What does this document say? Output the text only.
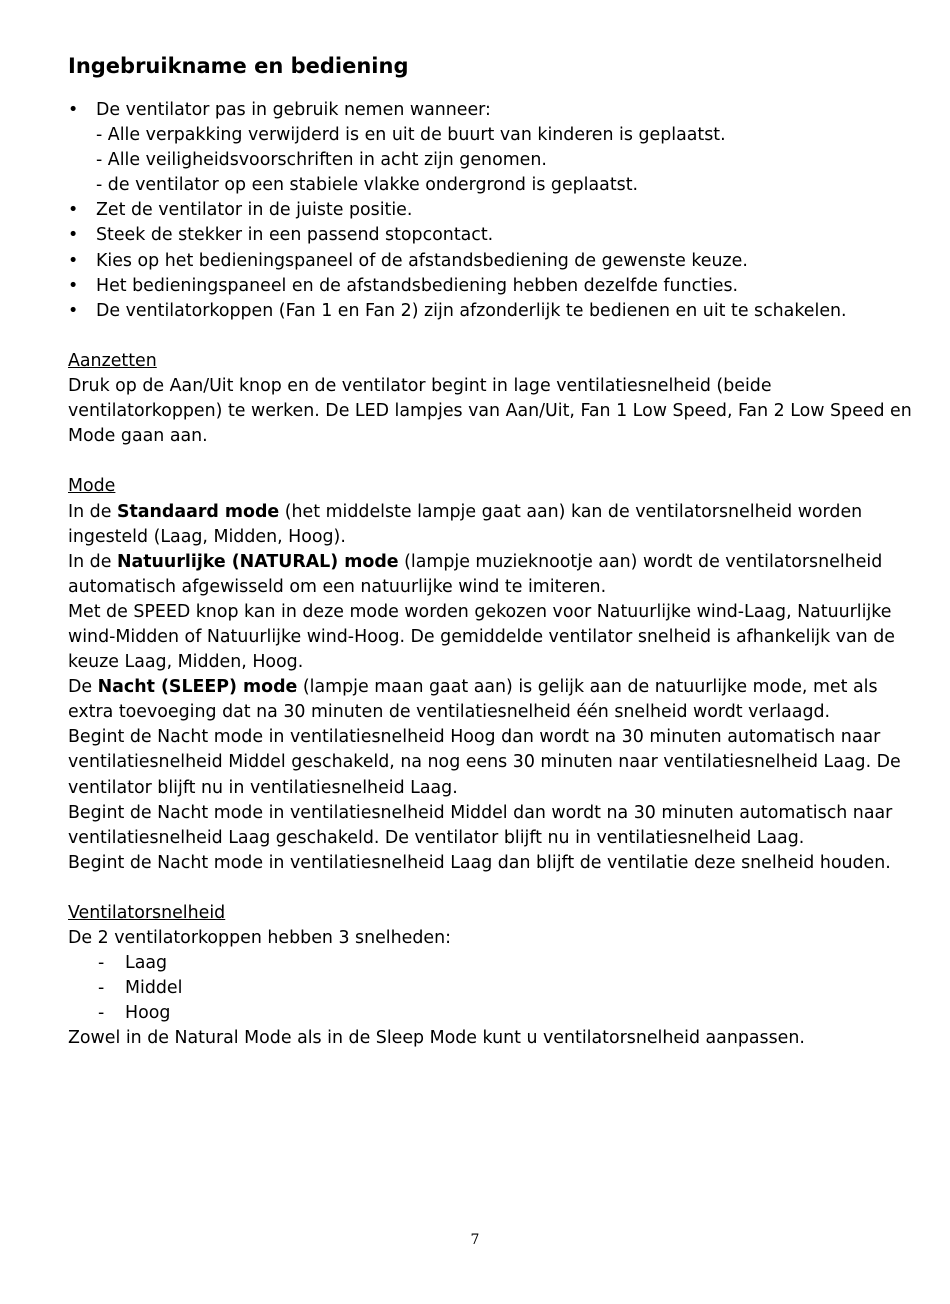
Ingebruikname en bediening
• De ventilator pas in gebruik nemen wanneer:
- Alle verpakking verwijderd is en uit de buurt van kinderen is geplaatst.
- Alle veiligheidsvoorschriften in acht zijn genomen.
- de ventilator op een stabiele vlakke ondergrond is geplaatst.
• Zet de ventilator in de juiste positie.
• Steek de stekker in een passend stopcontact.
• Kies op het bedieningspaneel of de afstandsbediening de gewenste keuze.
• Het bedieningspaneel en de afstandsbediening hebben dezelfde functies.
• De ventilatorkoppen (Fan 1 en Fan 2) zijn afzonderlijk te bedienen en uit te schakelen.
Aanzetten
Druk op de Aan/Uit knop en de ventilator begint in lage ventilatiesnelheid (beide ventilatorkoppen) te werken. De LED lampjes van Aan/Uit, Fan 1 Low Speed, Fan 2 Low Speed en Mode gaan aan.
Mode
In de Standaard mode (het middelste lampje gaat aan) kan de ventilatorsnelheid worden ingesteld (Laag, Midden, Hoog).
In de Natuurlijke (NATURAL) mode (lampje muzieknootje aan) wordt de ventilatorsnelheid automatisch afgewisseld om een natuurlijke wind te imiteren.
Met de SPEED knop kan in deze mode worden gekozen voor Natuurlijke wind-Laag, Natuurlijke wind-Midden of Natuurlijke wind-Hoog. De gemiddelde ventilator snelheid is afhankelijk van de keuze Laag, Midden, Hoog.
De Nacht (SLEEP) mode (lampje maan gaat aan) is gelijk aan de natuurlijke mode, met als extra toevoeging dat na 30 minuten de ventilatiesnelheid één snelheid wordt verlaagd.
Begint de Nacht mode in ventilatiesnelheid Hoog dan wordt na 30 minuten automatisch naar ventilatiesnelheid Middel geschakeld, na nog eens 30 minuten naar ventilatiesnelheid Laag. De ventilator blijft nu in ventilatiesnelheid Laag.
Begint de Nacht mode in ventilatiesnelheid Middel dan wordt na 30 minuten automatisch naar ventilatiesnelheid Laag geschakeld. De ventilator blijft nu in ventilatiesnelheid Laag.
Begint de Nacht mode in ventilatiesnelheid Laag dan blijft de ventilatie deze snelheid houden.
Ventilatorsnelheid
De 2 ventilatorkoppen hebben 3 snelheden:
- Laag
- Middel
- Hoog
Zowel in de Natural Mode als in de Sleep Mode kunt u ventilatorsnelheid aanpassen.
7
